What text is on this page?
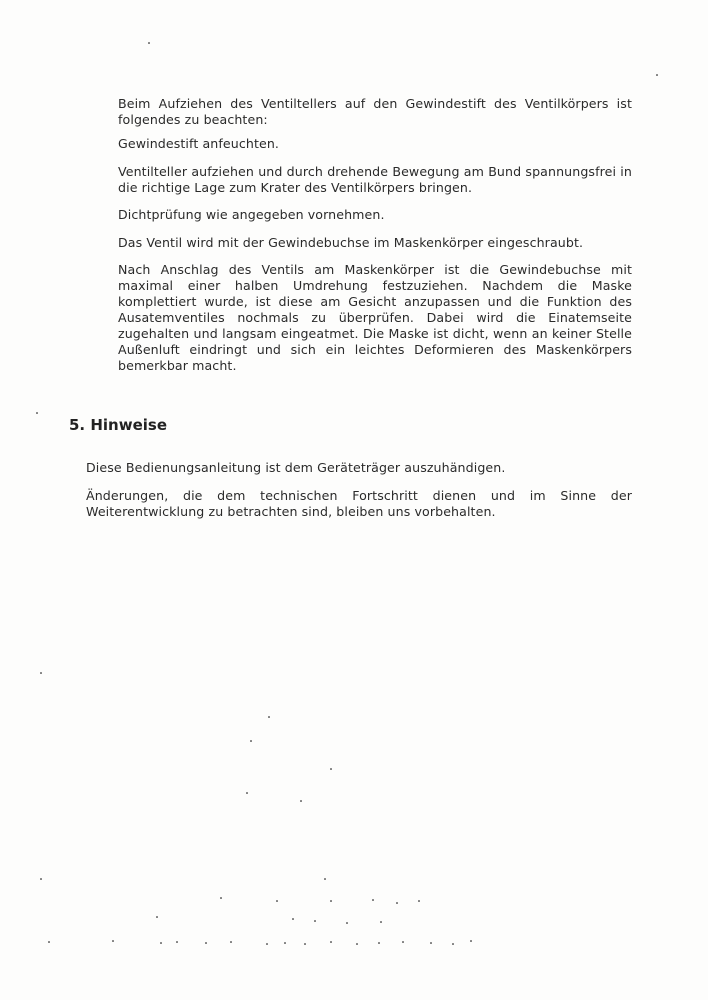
Beim Aufziehen des Ventiltellers auf den Gewindestift des Ventilkörpers ist folgendes zu beachten:

Gewindestift anfeuchten.

Ventilteller aufziehen und durch drehende Bewegung am Bund spannungsfrei in die richtige Lage zum Krater des Ventilkörpers bringen.

Dichtprüfung wie angegeben vornehmen.

Das Ventil wird mit der Gewindebuchse im Maskenkörper eingeschraubt.

Nach Anschlag des Ventils am Maskenkörper ist die Gewindebuchse mit maximal einer halben Umdrehung festzuziehen. Nachdem die Maske komplettiert wurde, ist diese am Gesicht anzupassen und die Funktion des Ausatemventiles nochmals zu überprüfen. Dabei wird die Einatemseite zugehalten und langsam eingeatmet. Die Maske ist dicht, wenn an keiner Stelle Außenluft eindringt und sich ein leichtes Deformieren des Maskenkörpers bemerkbar macht.

5. Hinweise

Diese Bedienungsanleitung ist dem Geräteträger auszuhändigen.

Änderungen, die dem technischen Fortschritt dienen und im Sinne der Weiterentwicklung zu betrachten sind, bleiben uns vorbehalten.
